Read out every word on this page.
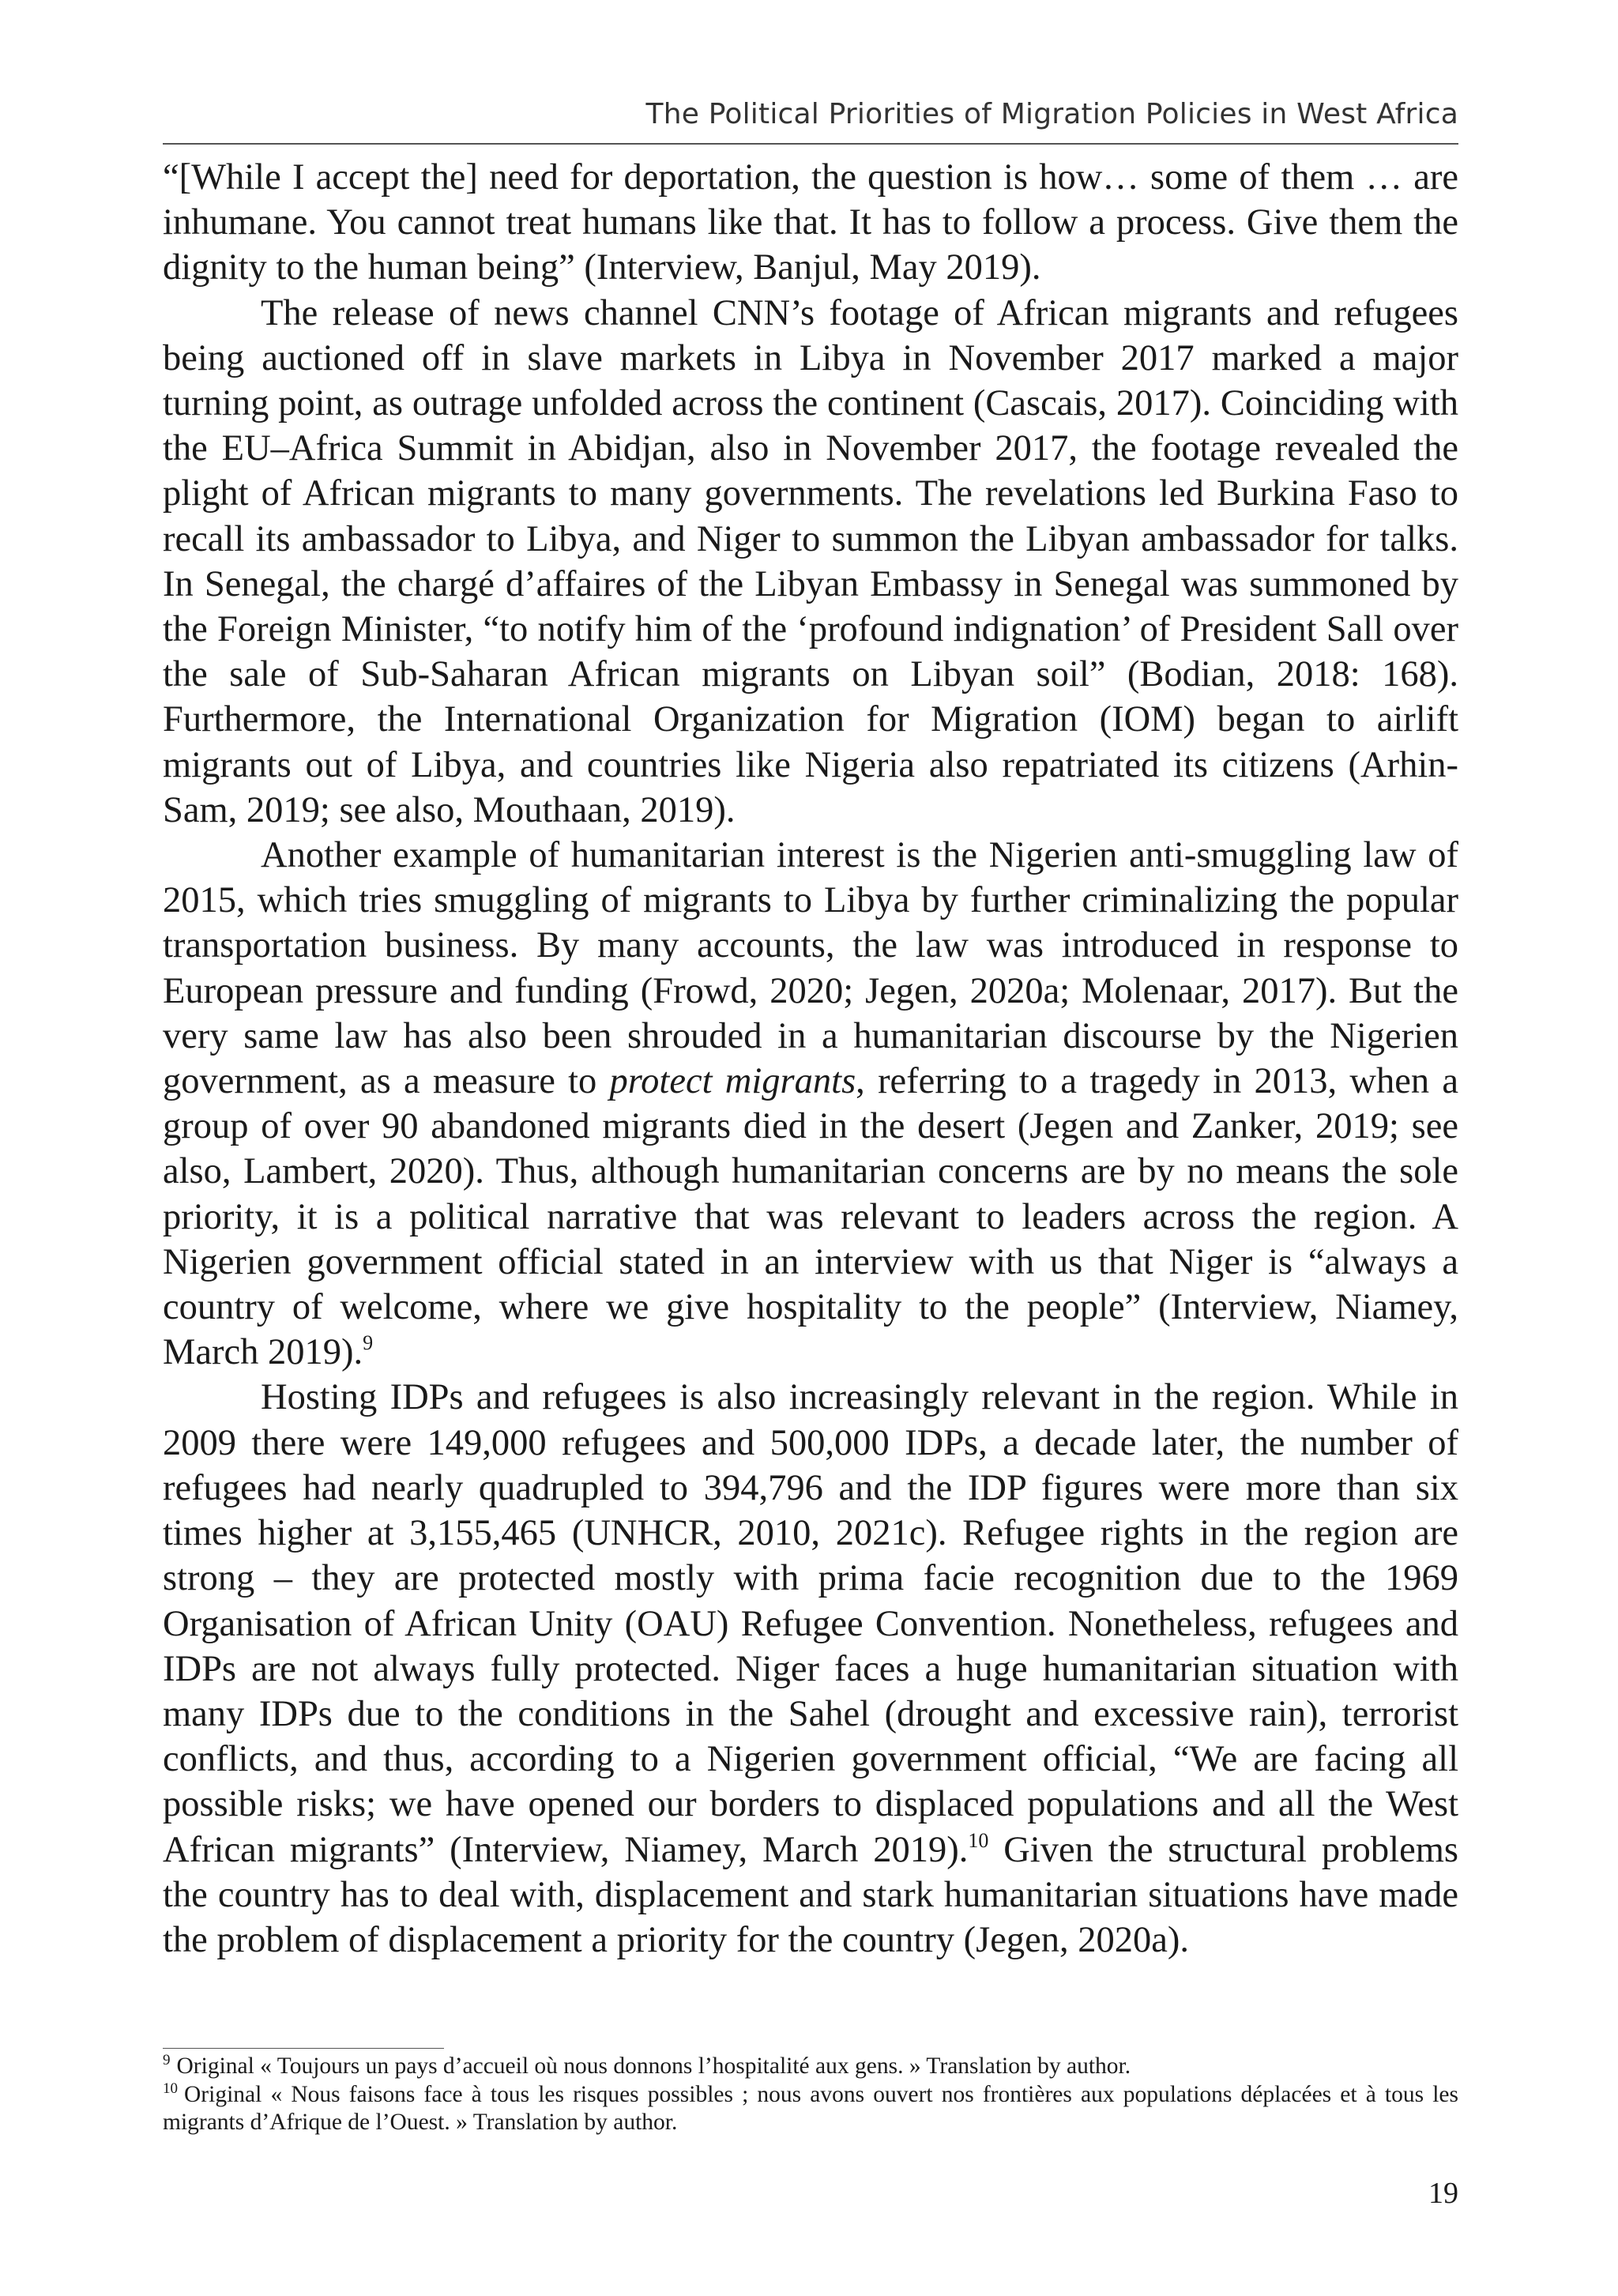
The Political Priorities of Migration Policies in West Africa

“[While I accept the] need for deportation, the question is how… some of them … are inhumane. You cannot treat humans like that. It has to follow a process. Give them the dignity to the human being” (Interview, Banjul, May 2019).

The release of news channel CNN’s footage of African migrants and refugees being auctioned off in slave markets in Libya in November 2017 marked a major turning point, as outrage unfolded across the continent (Cascais, 2017). Coinciding with the EU–Africa Summit in Abidjan, also in November 2017, the footage revealed the plight of African migrants to many governments. The revelations led Burkina Faso to recall its ambassador to Libya, and Niger to summon the Libyan ambassador for talks. In Senegal, the chargé d’affaires of the Libyan Embassy in Senegal was summoned by the Foreign Minister, “to notify him of the ‘profound indignation’ of President Sall over the sale of Sub-Saharan African migrants on Libyan soil” (Bodian, 2018: 168). Furthermore, the International Organization for Migration (IOM) began to airlift migrants out of Libya, and countries like Nigeria also repatriated its citizens (Arhin-Sam, 2019; see also, Mouthaan, 2019).

Another example of humanitarian interest is the Nigerien anti-smuggling law of 2015, which tries smuggling of migrants to Libya by further criminalizing the popular transportation business. By many accounts, the law was introduced in response to European pressure and funding (Frowd, 2020; Jegen, 2020a; Molenaar, 2017). But the very same law has also been shrouded in a humanitarian discourse by the Nigerien government, as a measure to protect migrants, referring to a tragedy in 2013, when a group of over 90 abandoned migrants died in the desert (Jegen and Zanker, 2019; see also, Lambert, 2020). Thus, although humanitarian concerns are by no means the sole priority, it is a political narrative that was relevant to leaders across the region. A Nigerien government official stated in an interview with us that Niger is “always a country of welcome, where we give hospitality to the people” (Interview, Niamey, March 2019).$^9$

Hosting IDPs and refugees is also increasingly relevant in the region. While in 2009 there were 149,000 refugees and 500,000 IDPs, a decade later, the number of refugees had nearly quadrupled to 394,796 and the IDP figures were more than six times higher at 3,155,465 (UNHCR, 2010, 2021c). Refugee rights in the region are strong – they are protected mostly with prima facie recognition due to the 1969 Organisation of African Unity (OAU) Refugee Convention. Nonetheless, refugees and IDPs are not always fully protected. Niger faces a huge humanitarian situation with many IDPs due to the conditions in the Sahel (drought and excessive rain), terrorist conflicts, and thus, according to a Nigerien government official, “We are facing all possible risks; we have opened our borders to displaced populations and all the West African migrants” (Interview, Niamey, March 2019).$^{10}$ Given the structural problems the country has to deal with, displacement and stark humanitarian situations have made the problem of displacement a priority for the country (Jegen, 2020a).

$^9$ Original « Toujours un pays d’accueil où nous donnons l’hospitalité aux gens. » Translation by author.

$^{10}$ Original « Nous faisons face à tous les risques possibles ; nous avons ouvert nos frontières aux populations déplacées et à tous les migrants d’Afrique de l’Ouest. » Translation by author.

19
